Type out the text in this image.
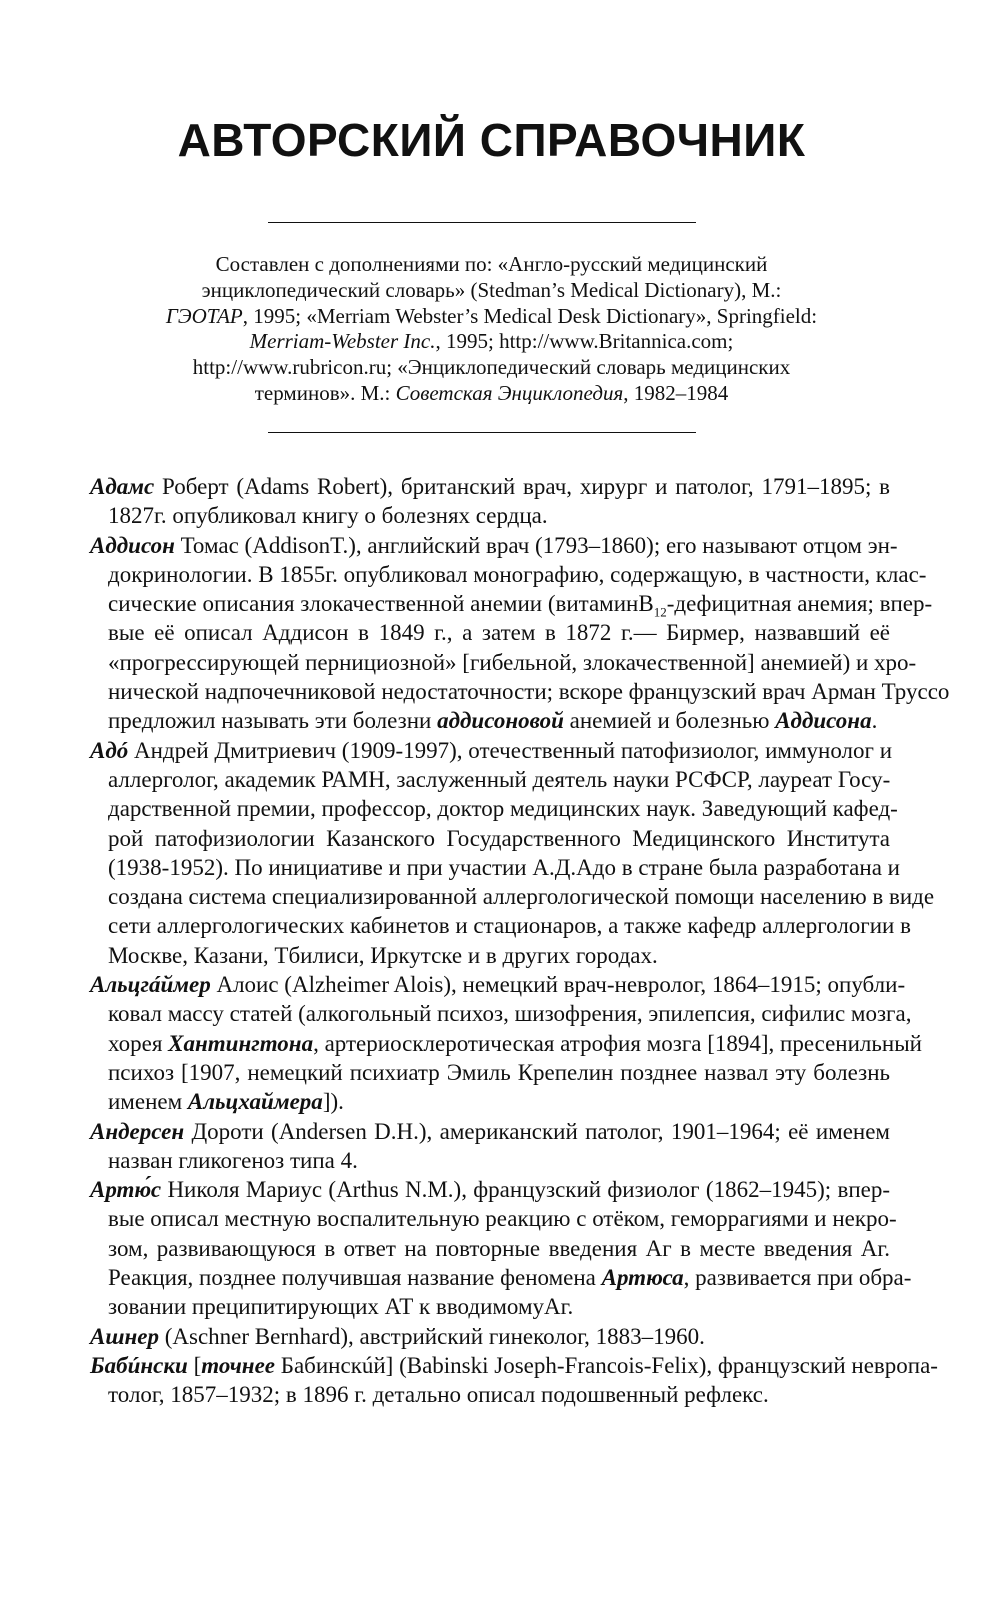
АВТОРСКИЙ СПРАВОЧНИК

Составлен с дополнениями по: «Англо-русский медицинский

энциклопедический словарь» (Stedman’s Medical Dictionary), М.:

ГЭОТАР, 1995; «Merriam Webster’s Medical Desk Dictionary», Springfield:

Merriam-Webster Inc., 1995; http://www.Britannica.com;

http://www.rubricon.ru; «Энциклопедический словарь медицинских

терминов». М.: Советская Энциклопедия, 1982–1984

Адамс Роберт (Adams Robert), британский врач, хирург и патолог, 1791–1895; в
1827г. опубликовал книгу о болезнях сердца.
Аддисон Томас (AddisonT.), английский врач (1793–1860); его называют отцом эн-
докринологии. В 1855г. опубликовал монографию, содержащую, в частности, клас-
сические описания злокачественной анемии (витаминB$_{12}$-дефицитная анемия; впер-
вые её описал Аддисон в 1849 г., а затем в 1872 г.— Бирмер, назвавший её
«прогрессирующей пернициозной» [гибельной, злокачественной] анемией) и хро-
нической надпочечниковой недостаточности; вскоре французский врач Арман Труссо
предложил называть эти болезни аддисоновой анемией и болезнью Аддисона.
Адó Андрей Дмитриевич (1909-1997), отечественный патофизиолог, иммунолог и
аллерголог, академик РАМН, заслуженный деятель науки РСФСР, лауреат Госу-
дарственной премии, профессор, доктор медицинских наук. Заведующий кафед-
рой патофизиологии Казанского Государственного Медицинского Института
(1938-1952). По инициативе и при участии А.Д.Адо в стране была разработана и
создана система специализированной аллергологической помощи населению в виде
сети аллергологических кабинетов и стационаров, а также кафедр аллергологии в
Москве, Казани, Тбилиси, Иркутске и в других городах.
Альцгáймер Алоис (Alzheimer Alois), немецкий врач-невролог, 1864–1915; опубли-
ковал массу статей (алкогольный психоз, шизофрения, эпилепсия, сифилис мозга,
хорея Хантингтона, артериосклеротическая атрофия мозга [1894], пресенильный
психоз [1907, немецкий психиатр Эмиль Крепелин позднее назвал эту болезнь
именем Альцхаймера]).
Андерсен Дороти (Andersen D.H.), американский патолог, 1901–1964; её именем
назван гликогеноз типа 4.
Артю́с Николя Мариус (Arthus N.M.), французский физиолог (1862–1945); впер-
вые описал местную воспалительную реакцию с отёком, геморрагиями и некро-
зом, развивающуюся в ответ на повторные введения Аг в месте введения Аг.
Реакция, позднее получившая название феномена Артюса, развивается при обра-
зовании преципитирующих АТ к вводимомуАг.
Ашнер (Aschner Bernhard), австрийский гинеколог, 1883–1960.
Бабúнски [точнее Бабинскúй] (Babinski Joseph-Francois-Felix), французский невропа-
толог, 1857–1932; в 1896 г. детально описал подошвенный рефлекс.
